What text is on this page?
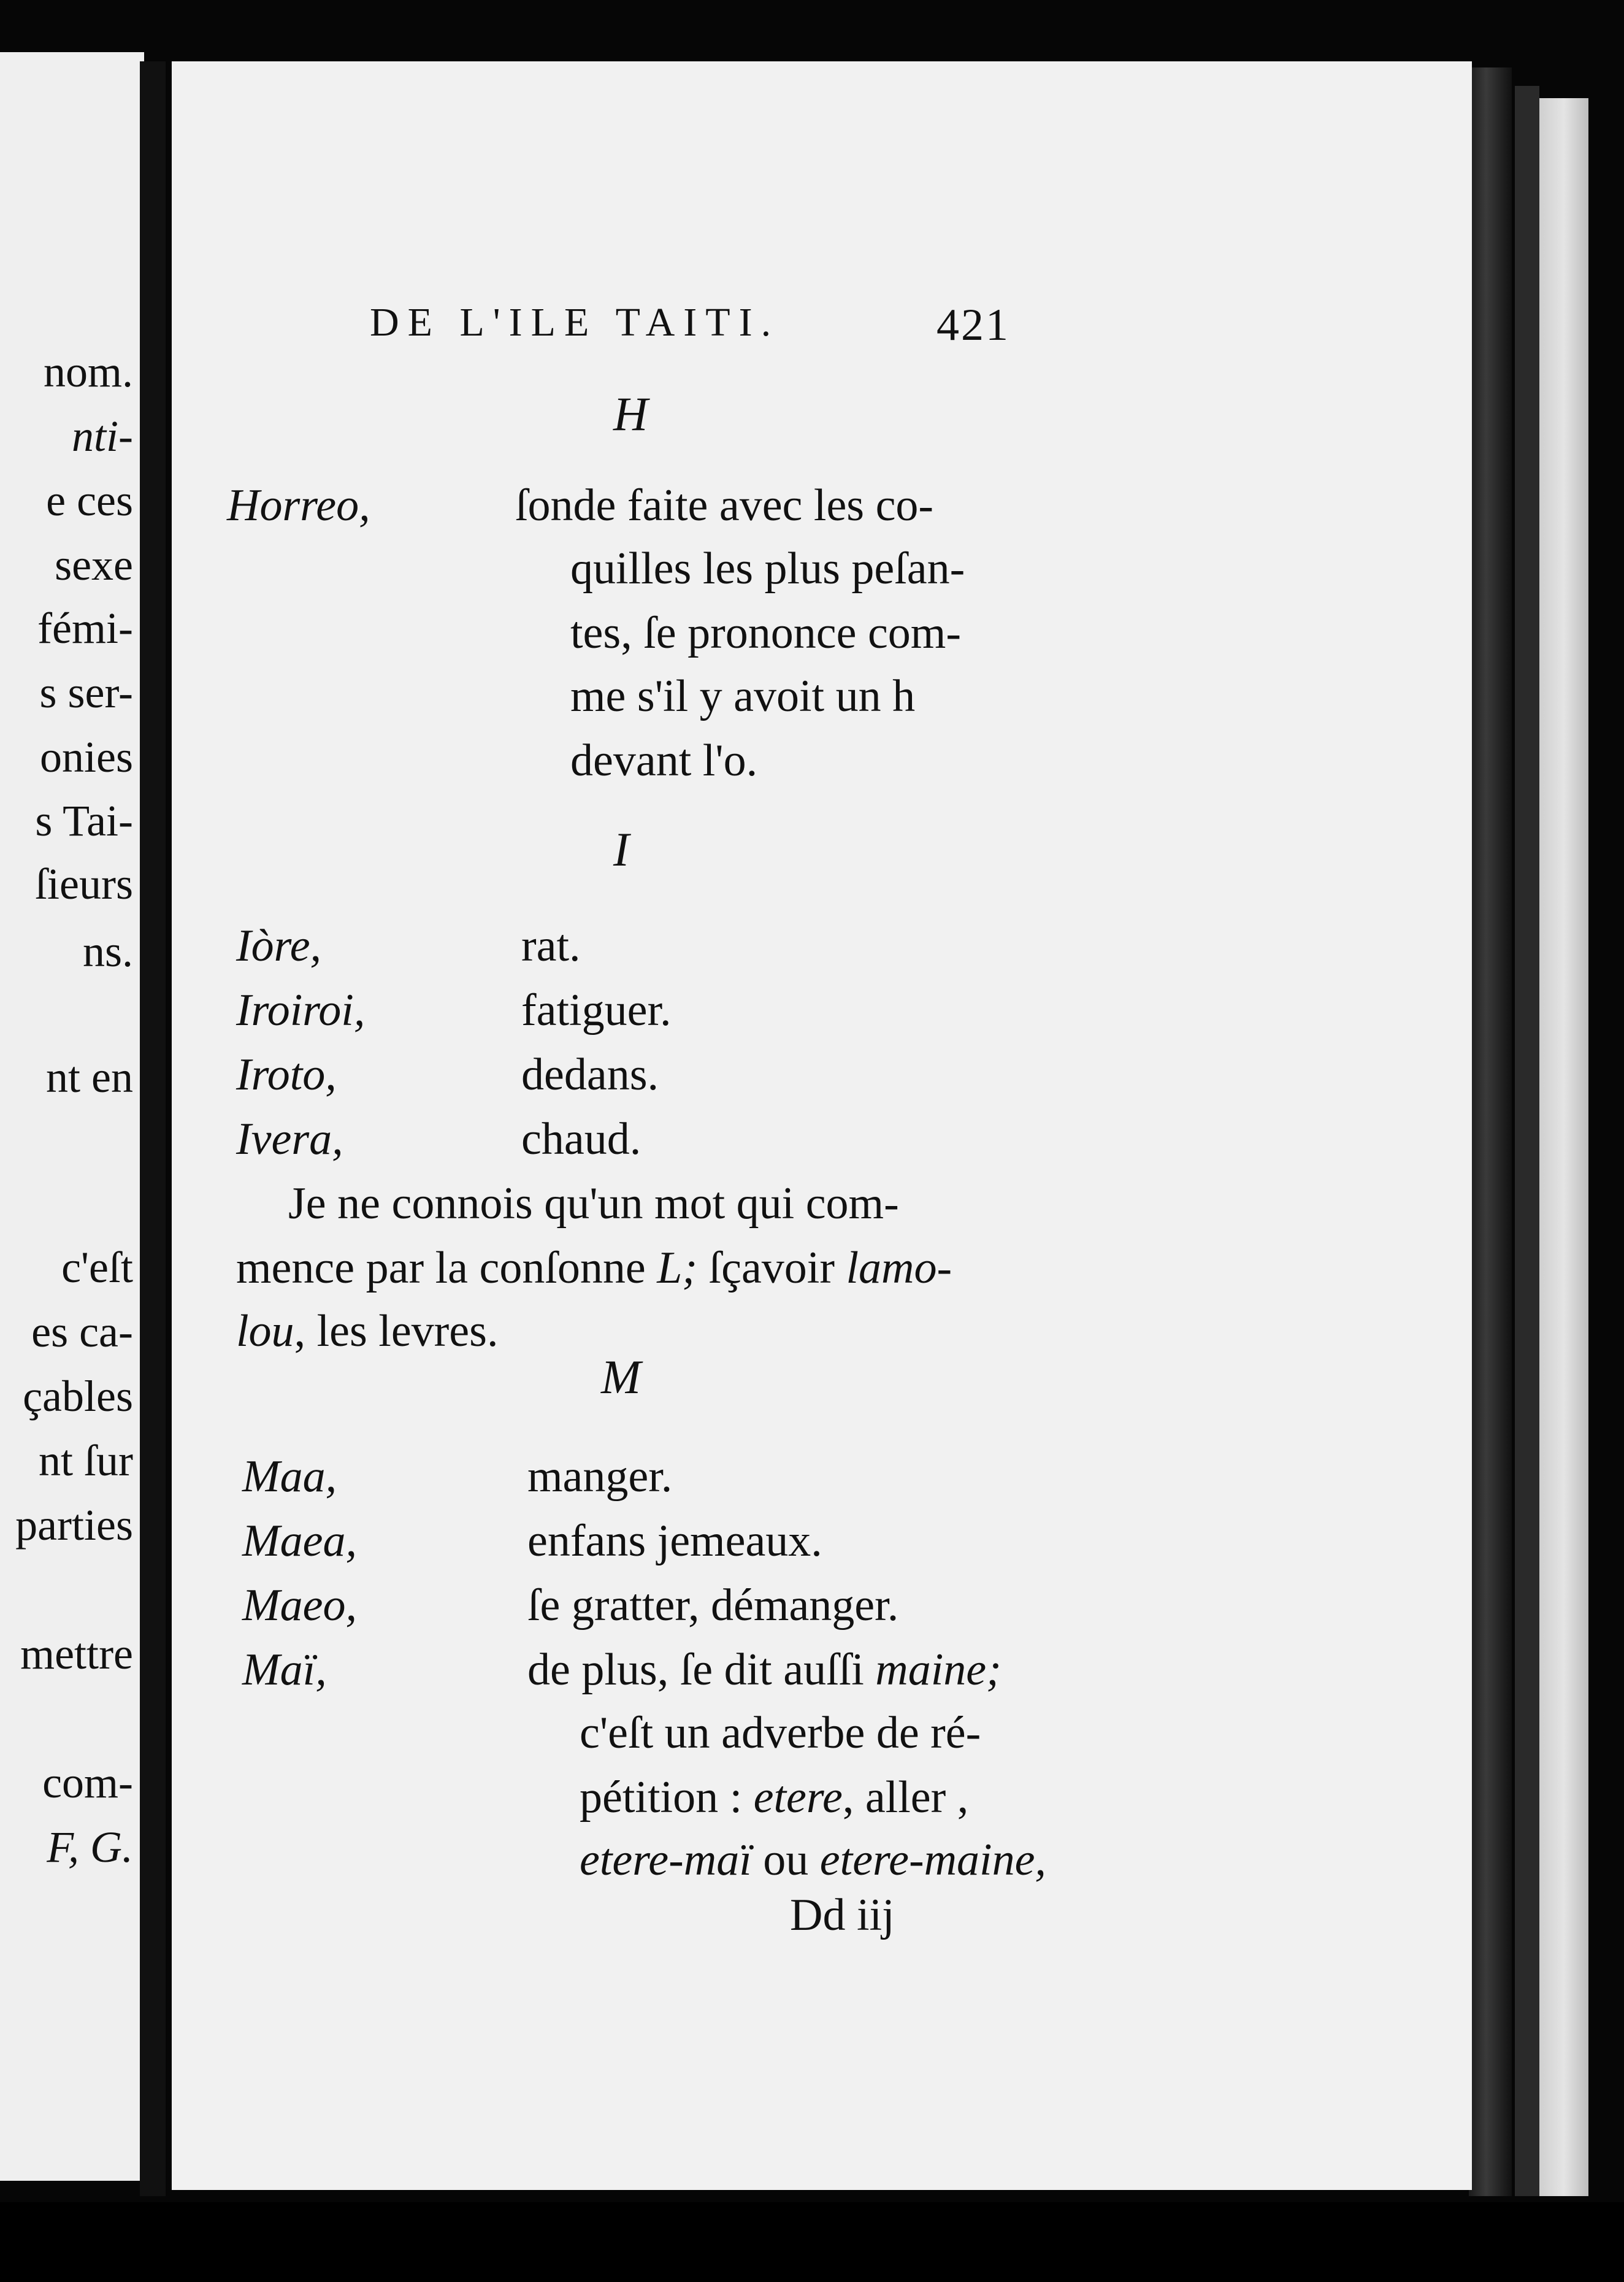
nom.
nti-
e ces
sexe
fémi-
s ser-
onies
s Tai-
ſieurs
ns.
nt en
c'eſt
es ca-
çables
nt ſur
parties
mettre
com-
F, G.
DE L'ILE TAITI.	421
H
Horreo,	ſonde faite avec les co-
quilles les plus peſan-
tes, ſe prononce com-
me s'il y avoit un h
devant l'o.
I
Iòre,	rat.
Iroiroi,	fatiguer.
Iroto,	dedans.
Ivera,	chaud.
Je ne connois qu'un mot qui com-
mence par la conſonne L; ſçavoir lamo-
lou, les levres.
M
Maa,	manger.
Maea,	enfans jemeaux.
Maeo,	ſe gratter, démanger.
Maï,	de plus, ſe dit auſſi maine;
c'eſt un adverbe de ré-
pétition : etere, aller ,
etere-maï ou etere-maine,
Dd iij
